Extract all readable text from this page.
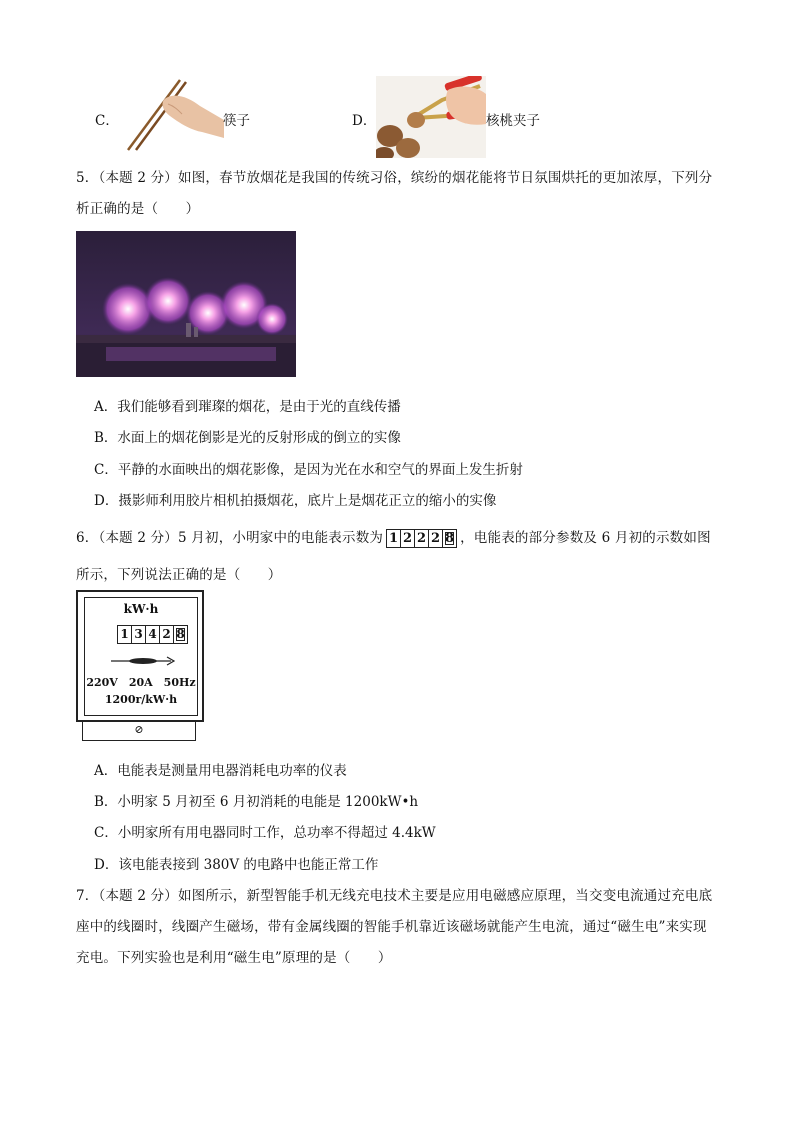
C．	筷子	D．	核桃夹子
5．（本题 2 分）如图，春节放烟花是我国的传统习俗，缤纷的烟花能将节日氛围烘托的更加浓厚，下列分
析正确的是（　　）
A．我们能够看到璀璨的烟花，是由于光的直线传播
B．水面上的烟花倒影是光的反射形成的倒立的实像
C．平静的水面映出的烟花影像，是因为光在水和空气的界面上发生折射
D．摄影师利用胶片相机拍摄烟花，底片上是烟花正立的缩小的实像
6．（本题 2 分）5 月初，小明家中的电能表示数为 1 2 2 2 8 ，电能表的部分参数及 6 月初的示数如图
所示，下列说法正确的是（　　）
kW·h
1 3 4 2 8
220V　20A　50Hz
1200r/kW·h
⊘
A．电能表是测量用电器消耗电功率的仪表
B．小明家 5 月初至 6 月初消耗的电能是 1200kW•h
C．小明家所有用电器同时工作，总功率不得超过 4.4kW
D．该电能表接到 380V 的电路中也能正常工作
7．（本题 2 分）如图所示，新型智能手机无线充电技术主要是应用电磁感应原理，当交变电流通过充电底
座中的线圈时，线圈产生磁场，带有金属线圈的智能手机靠近该磁场就能产生电流，通过“磁生电”来实现
充电。下列实验也是利用“磁生电”原理的是（　　）
